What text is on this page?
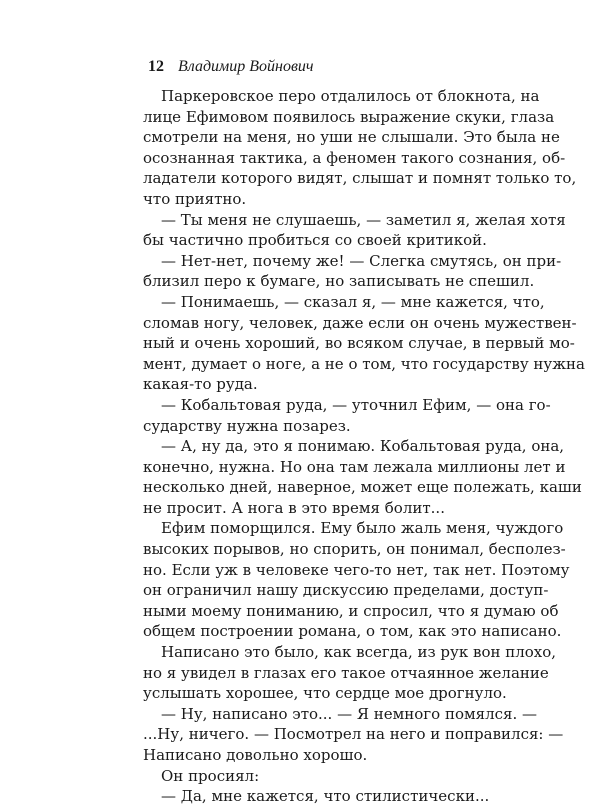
12 Владимир Войнович
Паркеровское перо отдалилось от блокнота, на
лице Ефимовом появилось выражение скуки, глаза
смотрели на меня, но уши не слышали. Это была не
осознанная тактика, а феномен такого сознания, об-
ладатели которого видят, слышат и помнят только то,
что приятно.
— Ты меня не слушаешь, — заметил я, желая хотя
бы частично пробиться со своей критикой.
— Нет-нет, почему же! — Слегка смутясь, он при-
близил перо к бумаге, но записывать не спешил.
— Понимаешь, — сказал я, — мне кажется, что,
сломав ногу, человек, даже если он очень мужествен-
ный и очень хороший, во всяком случае, в первый мо-
мент, думает о ноге, а не о том, что государству нужна
какая-то руда.
— Кобальтовая руда, — уточнил Ефим, — она го-
сударству нужна позарез.
— А, ну да, это я понимаю. Кобальтовая руда, она,
конечно, нужна. Но она там лежала миллионы лет и
несколько дней, наверное, может еще полежать, каши
не просит. А нога в это время болит...
Ефим поморщился. Ему было жаль меня, чуждого
высоких порывов, но спорить, он понимал, бесполез-
но. Если уж в человеке чего-то нет, так нет. Поэтому
он ограничил нашу дискуссию пределами, доступ-
ными моему пониманию, и спросил, что я думаю об
общем построении романа, о том, как это написано.
Написано это было, как всегда, из рук вон плохо,
но я увидел в глазах его такое отчаянное желание
услышать хорошее, что сердце мое дрогнуло.
— Ну, написано это... — Я немного помялся. —
...Ну, ничего. — Посмотрел на него и поправился: —
Написано довольно хорошо.
Он просиял:
— Да, мне кажется, что стилистически...
